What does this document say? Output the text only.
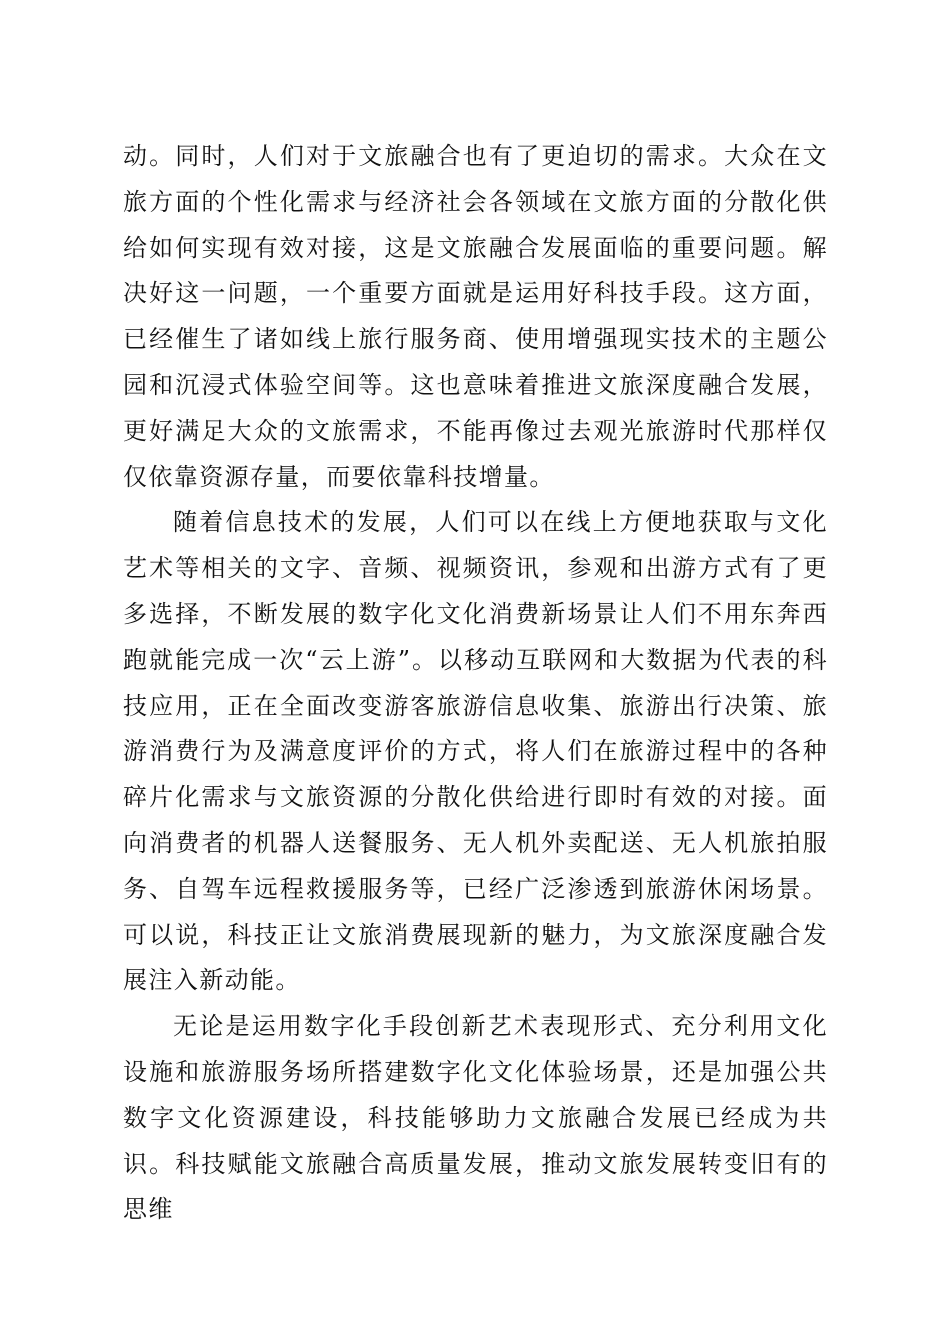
动。同时，人们对于文旅融合也有了更迫切的需求。大众在文旅方面的个性化需求与经济社会各领域在文旅方面的分散化供给如何实现有效对接，这是文旅融合发展面临的重要问题。解决好这一问题，一个重要方面就是运用好科技手段。这方面，已经催生了诸如线上旅行服务商、使用增强现实技术的主题公园和沉浸式体验空间等。这也意味着推进文旅深度融合发展，更好满足大众的文旅需求，不能再像过去观光旅游时代那样仅仅依靠资源存量，而要依靠科技增量。

随着信息技术的发展，人们可以在线上方便地获取与文化艺术等相关的文字、音频、视频资讯，参观和出游方式有了更多选择，不断发展的数字化文化消费新场景让人们不用东奔西跑就能完成一次“云上游”。以移动互联网和大数据为代表的科技应用，正在全面改变游客旅游信息收集、旅游出行决策、旅游消费行为及满意度评价的方式，将人们在旅游过程中的各种碎片化需求与文旅资源的分散化供给进行即时有效的对接。面向消费者的机器人送餐服务、无人机外卖配送、无人机旅拍服务、自驾车远程救援服务等，已经广泛渗透到旅游休闲场景。可以说，科技正让文旅消费展现新的魅力，为文旅深度融合发展注入新动能。

无论是运用数字化手段创新艺术表现形式、充分利用文化设施和旅游服务场所搭建数字化文化体验场景，还是加强公共数字文化资源建设，科技能够助力文旅融合发展已经成为共识。科技赋能文旅融合高质量发展，推动文旅发展转变旧有的思维
